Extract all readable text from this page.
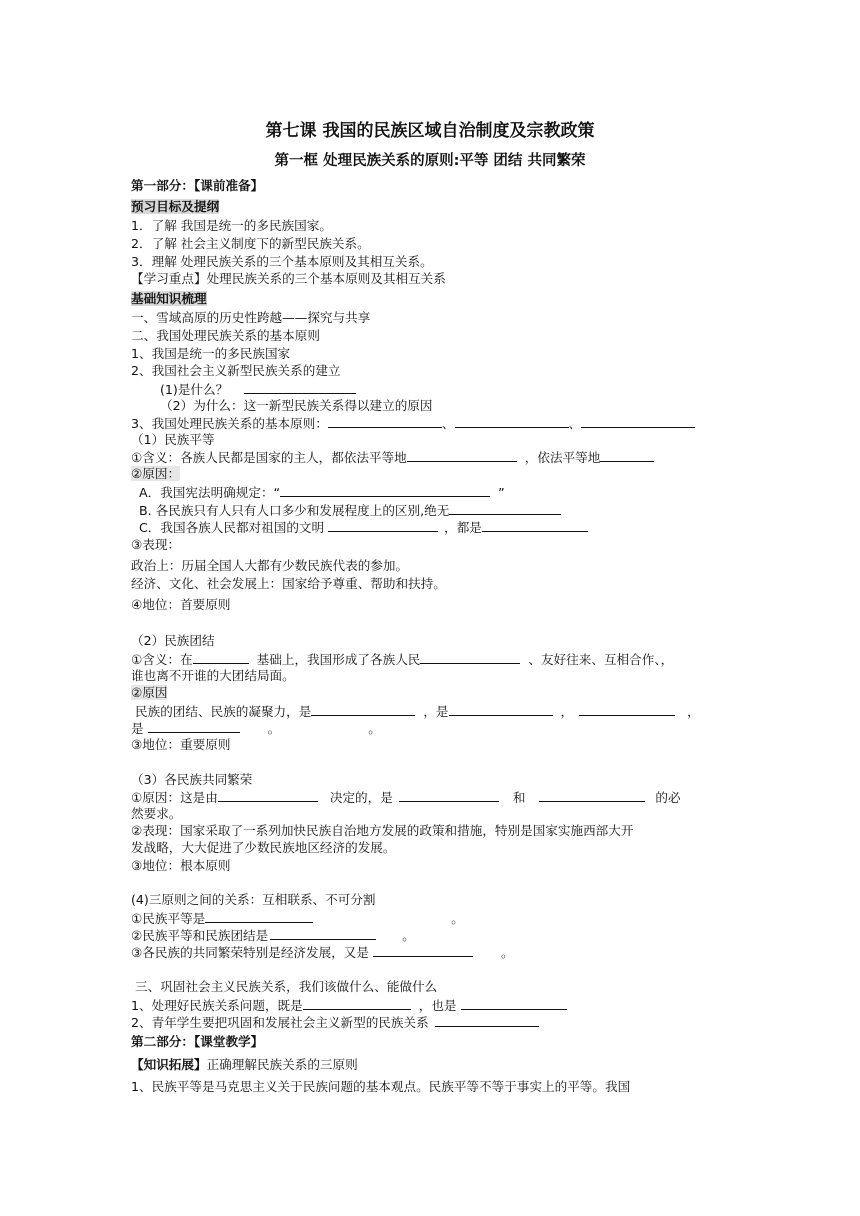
第七课 我国的民族区域自治制度及宗教政策
第一框 处理民族关系的原则:平等 团结 共同繁荣
第一部分：【课前准备】
预习目标及提纲
1．了解 我国是统一的多民族国家。
2．了解 社会主义制度下的新型民族关系。
3．理解 处理民族关系的三个基本原则及其相互关系。
【学习重点】处理民族关系的三个基本原则及其相互关系
基础知识梳理
一、雪域高原的历史性跨越——探究与共享
二、我国处理民族关系的基本原则
1、我国是统一的多民族国家
2、我国社会主义新型民族关系的建立
(1)是什么？
（2）为什么：这一新型民族关系得以建立的原因
3、我国处理民族关系的基本原则：	、	、
（1）民族平等
①含义：各族人民都是国家的主人，都依法平等地	，依法平等地
②原因：
A．我国宪法明确规定：“	”
B. 各民族只有人只有人口多少和发展程度上的区别,绝无
C．我国各族人民都对祖国的文明	，都是
③表现：
政治上：历届全国人大都有少数民族代表的参加。
经济、文化、社会发展上：国家给予尊重、帮助和扶持。
④地位：首要原则
（2）民族团结
①含义：在	基础上，我国形成了各族人民	、友好往来、互相合作、，
谁也离不开谁的大团结局面。
②原因
民族的团结、民族的凝聚力，是	，是	，	，
是	。	。
③地位：重要原则
（3）各民族共同繁荣
①原因：这是由	决定的，是	和	的必
然要求。
②表现：国家采取了一系列加快民族自治地方发展的政策和措施，特别是国家实施西部大开
发战略，大大促进了少数民族地区经济的发展。
③地位：根本原则
(4)三原则之间的关系：互相联系、不可分割
①民族平等是	。
②民族平等和民族团结是	。
③各民族的共同繁荣特别是经济发展，又是	。
三、巩固社会主义民族关系，我们该做什么、能做什么
1、处理好民族关系问题，既是	，也是
2、青年学生要把巩固和发展社会主义新型的民族关系
第二部分：【课堂教学】
【知识拓展】正确理解民族关系的三原则
1、民族平等是马克思主义关于民族问题的基本观点。民族平等不等于事实上的平等。我国
